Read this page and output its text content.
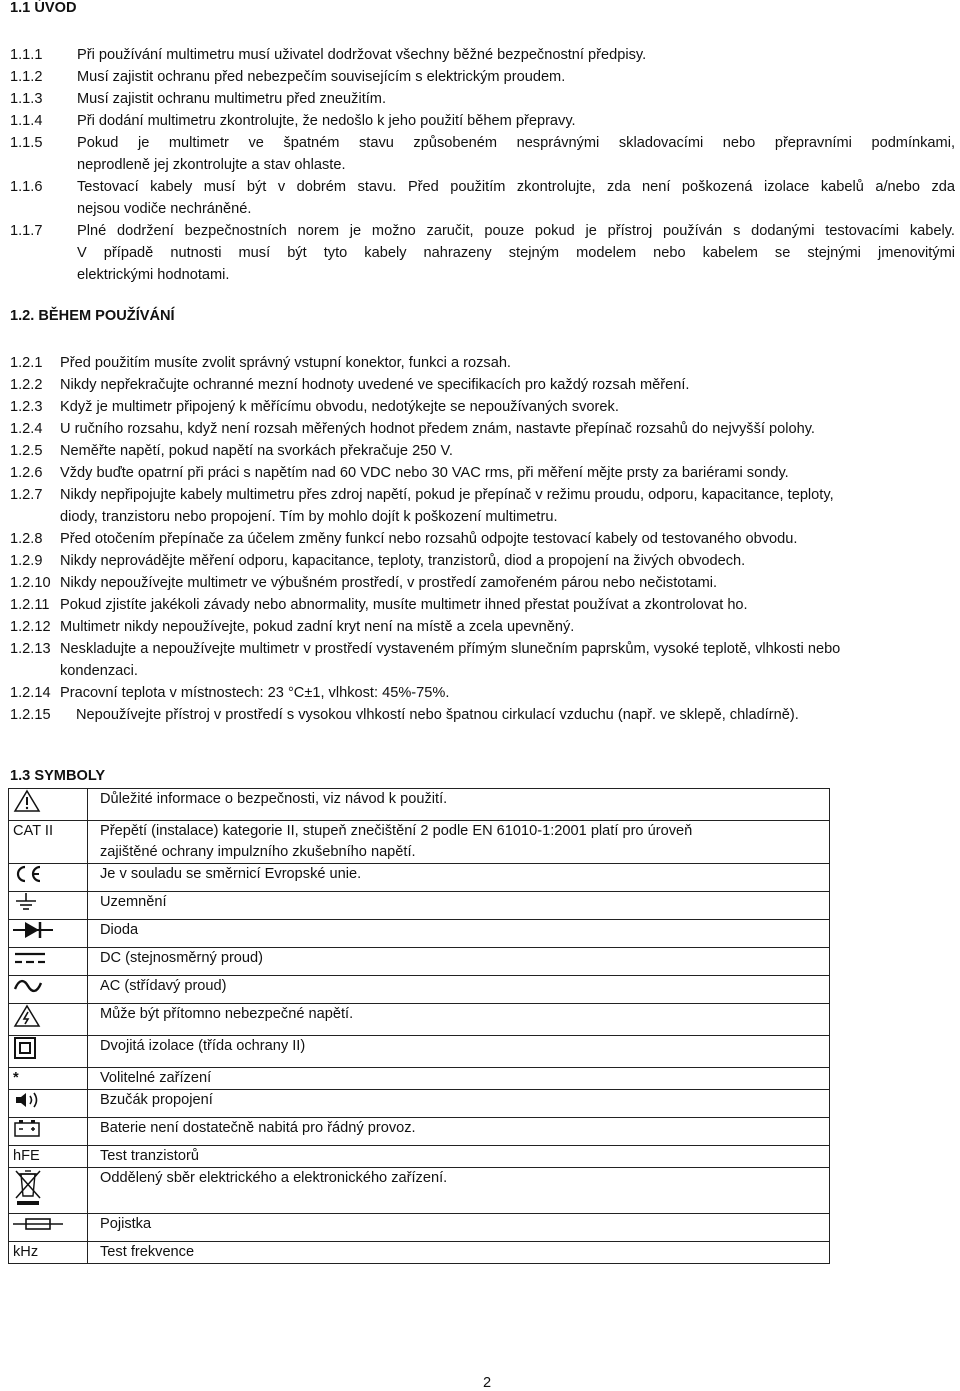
1.1 ÚVOD
1.1.1 Při používání multimetru musí uživatel dodržovat všechny běžné bezpečnostní předpisy.
1.1.2 Musí zajistit ochranu před nebezpečím souvisejícím s elektrickým proudem.
1.1.3 Musí zajistit ochranu multimetru před zneužitím.
1.1.4 Při dodání multimetru zkontrolujte, že nedošlo k jeho použití během přepravy.
1.1.5 Pokud je multimetr ve špatném stavu způsobeném nesprávnými skladovacími nebo přepravními podmínkami,
neprodleně jej zkontrolujte a stav ohlaste.
1.1.6 Testovací kabely musí být v dobrém stavu. Před použitím zkontrolujte, zda není poškozená izolace kabelů a/nebo zda
nejsou vodiče nechráněné.
1.1.7 Plné dodržení bezpečnostních norem je možno zaručit, pouze pokud je přístroj používán s dodanými testovacími kabely.
V případě nutnosti musí být tyto kabely nahrazeny stejným modelem nebo kabelem se stejnými jmenovitými
elektrickými hodnotami.
1.2. BĚHEM POUŽÍVÁNÍ
1.2.1 Před použitím musíte zvolit správný vstupní konektor, funkci a rozsah.
1.2.2 Nikdy nepřekračujte ochranné mezní hodnoty uvedené ve specifikacích pro každý rozsah měření.
1.2.3 Když je multimetr připojený k měřícímu obvodu, nedotýkejte se nepoužívaných svorek.
1.2.4 U ručního rozsahu, když není rozsah měřených hodnot předem znám, nastavte přepínač rozsahů do nejvyšší polohy.
1.2.5 Neměřte napětí, pokud napětí na svorkách překračuje 250 V.
1.2.6 Vždy buďte opatrní při práci s napětím nad 60 VDC nebo 30 VAC rms, při měření mějte prsty za bariérami sondy.
1.2.7 Nikdy nepřipojujte kabely multimetru přes zdroj napětí, pokud je přepínač v režimu proudu, odporu, kapacitance, teploty,
diody, tranzistoru nebo propojení. Tím by mohlo dojít k poškození multimetru.
1.2.8 Před otočením přepínače za účelem změny funkcí nebo rozsahů odpojte testovací kabely od testovaného obvodu.
1.2.9 Nikdy neprovádějte měření odporu, kapacitance, teploty, tranzistorů, diod a propojení na živých obvodech.
1.2.10 Nikdy nepoužívejte multimetr ve výbušném prostředí, v prostředí zamořeném párou nebo nečistotami.
1.2.11 Pokud zjistíte jakékoli závady nebo abnormality, musíte multimetr ihned přestat používat a zkontrolovat ho.
1.2.12 Multimetr nikdy nepoužívejte, pokud zadní kryt není na místě a zcela upevněný.
1.2.13 Neskladujte a nepoužívejte multimetr v prostředí vystaveném přímým slunečním paprskům, vysoké teplotě, vlhkosti nebo
kondenzaci.
1.2.14 Pracovní teplota v místnostech: 23 °C±1, vlhkost: 45%-75%.
1.2.15 Nepoužívejte přístroj v prostředí s vysokou vlhkostí nebo špatnou cirkulací vzduchu (např. ve sklepě, chladírně).
1.3 SYMBOLY
	Důležité informace o bezpečnosti, viz návod k použití.
CAT II	Přepětí (instalace) kategorie II, stupeň znečištění 2 podle EN 61010-1:2001 platí pro úroveň
zajištěné ochrany impulzního zkušebního napětí.

	Je v souladu se směrnicí Evropské unie.
	Uzemnění
	Dioda
	DC (stejnosměrný proud)
	AC (střídavý proud)
	Může být přítomno nebezpečné napětí.
	Dvojitá izolace (třída ochrany II)
*	Volitelné zařízení
	Bzučák propojení
	Baterie není dostatečně nabitá pro řádný provoz.
hFE	Test tranzistorů
	Oddělený sběr elektrického a elektronického zařízení.
	Pojistka
kHz	Test frekvence
2
